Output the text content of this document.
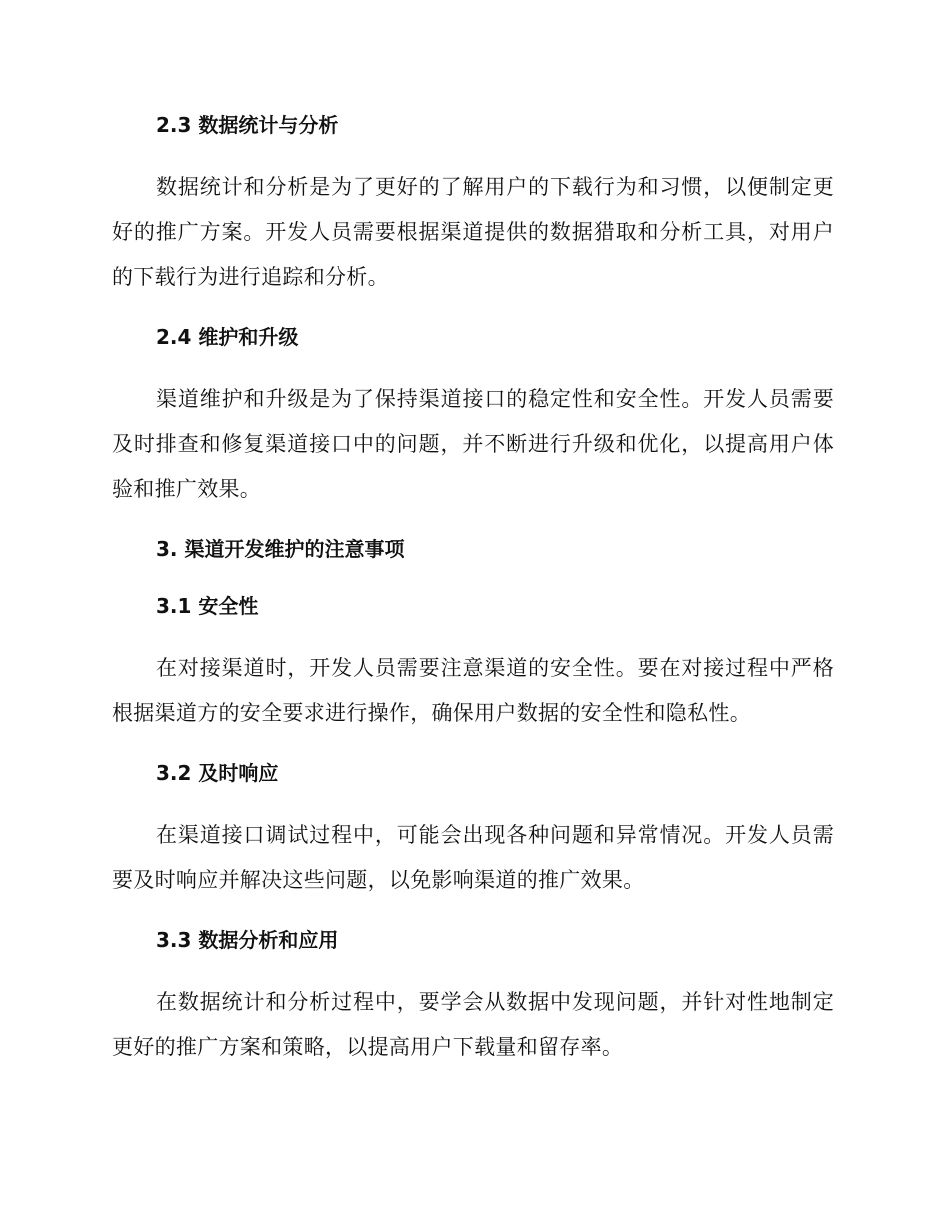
2.3 数据统计与分析

数据统计和分析是为了更好的了解用户的下载行为和习惯，以便制定更好的推广方案。开发人员需要根据渠道提供的数据猎取和分析工具，对用户的下载行为进行追踪和分析。

2.4 维护和升级

渠道维护和升级是为了保持渠道接口的稳定性和安全性。开发人员需要及时排查和修复渠道接口中的问题，并不断进行升级和优化，以提高用户体验和推广效果。

3. 渠道开发维护的注意事项
3.1 安全性

在对接渠道时，开发人员需要注意渠道的安全性。要在对接过程中严格根据渠道方的安全要求进行操作，确保用户数据的安全性和隐私性。

3.2 及时响应

在渠道接口调试过程中，可能会出现各种问题和异常情况。开发人员需要及时响应并解决这些问题，以免影响渠道的推广效果。

3.3 数据分析和应用

在数据统计和分析过程中，要学会从数据中发现问题，并针对性地制定更好的推广方案和策略，以提高用户下载量和留存率。
